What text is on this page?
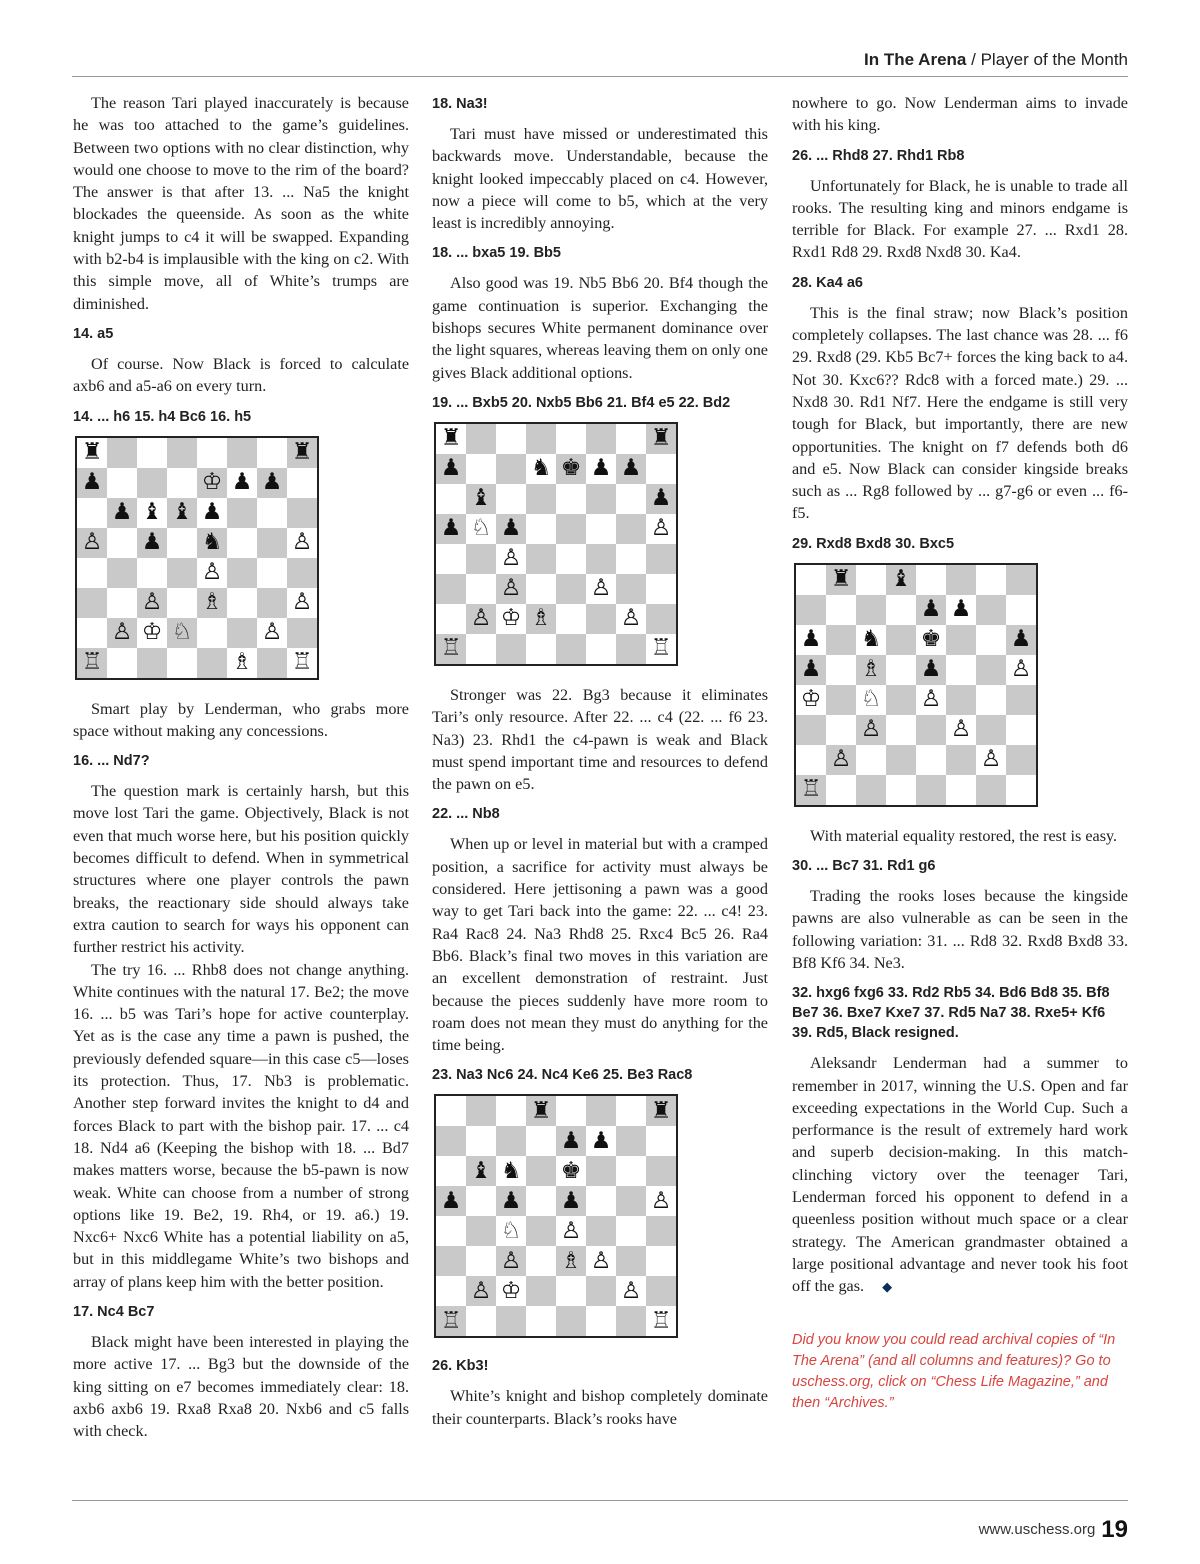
In The Arena / Player of the Month

The reason Tari played inaccurately is because he was too attached to the game’s guidelines. Between two options with no clear distinction, why would one choose to move to the rim of the board? The answer is that after 13. ... Na5 the knight blockades the queenside. As soon as the white knight jumps to c4 it will be swapped. Expanding with b2-b4 is implausible with the king on c2. With this simple move, all of White’s trumps are diminished.

14. a5

Of course. Now Black is forced to calculate axb6 and a5-a6 on every turn.

14. ... h6 15. h4 Bc6 16. h5
♜	♜
♟	♔ ♟ ♟
♟ ♝ ♝ ♟
♙ ♟ ♞	♙
♙
♙ ♗	♙
♙ ♔ ♘	♙
♖	♗ ♖

Smart play by Lenderman, who grabs more space without making any concessions.

16. ... Nd7?

The question mark is certainly harsh, but this move lost Tari the game. Objectively, Black is not even that much worse here, but his position quickly becomes difficult to defend. When in symmetrical structures where one player controls the pawn breaks, the reactionary side should always take extra caution to search for ways his opponent can further restrict his activity.

The try 16. ... Rhb8 does not change anything. White continues with the natural 17. Be2; the move 16. ... b5 was Tari’s hope for active counterplay. Yet as is the case any time a pawn is pushed, the previously defended square—in this case c5—loses its protection. Thus, 17. Nb3 is problematic. Another step forward invites the knight to d4 and forces Black to part with the bishop pair. 17. ... c4 18. Nd4 a6 (Keeping the bishop with 18. ... Bd7 makes matters worse, because the b5-pawn is now weak. White can choose from a number of strong options like 19. Be2, 19. Rh4, or 19. a6.) 19. Nxc6+ Nxc6 White has a potential liability on a5, but in this middlegame White’s two bishops and array of plans keep him with the better position.

17. Nc4 Bc7

Black might have been interested in playing the more active 17. ... Bg3 but the downside of the king sitting on e7 becomes immediately clear: 18. axb6 axb6 19. Rxa8 Rxa8 20. Nxb6 and c5 falls with check.

18. Na3!

Tari must have missed or underestimated this backwards move. Understandable, because the knight looked impeccably placed on c4. However, now a piece will come to b5, which at the very least is incredibly annoying.

18. ... bxa5 19. Bb5

Also good was 19. Nb5 Bb6 20. Bf4 though the game continuation is superior. Exchanging the bishops secures White permanent dominance over the light squares, whereas leaving them on only one gives Black additional options.

19. ... Bxb5 20. Nxb5 Bb6 21. Bf4 e5 22. Bd2
♜	♜
♟	♞ ♚ ♟ ♟
♝	♟
♟ ♘ ♟	♙
♙
♙	♙
♙ ♔ ♗	♙
♖	♖

Stronger was 22. Bg3 because it eliminates Tari’s only resource. After 22. ... c4 (22. ... f6 23. Na3) 23. Rhd1 the c4-pawn is weak and Black must spend important time and resources to defend the pawn on e5.

22. ... Nb8

When up or level in material but with a cramped position, a sacrifice for activity must always be considered. Here jettisoning a pawn was a good way to get Tari back into the game: 22. ... c4! 23. Ra4 Rac8 24. Na3 Rhd8 25. Rxc4 Bc5 26. Ra4 Bb6. Black’s final two moves in this variation are an excellent demonstration of restraint. Just because the pieces suddenly have more room to roam does not mean they must do anything for the time being.

23. Na3 Nc6 24. Nc4 Ke6 25. Be3 Rac8
♜	♜
♟ ♟
♝ ♞ ♚
♟ ♟ ♟	♙
♘ ♙
♙ ♗ ♙
♙ ♔	♙
♖	♖
26. Kb3!

White’s knight and bishop completely dominate their counterparts. Black’s rooks have

nowhere to go. Now Lenderman aims to invade with his king.

26. ... Rhd8 27. Rhd1 Rb8

Unfortunately for Black, he is unable to trade all rooks. The resulting king and minors endgame is terrible for Black. For example 27. ... Rxd1 28. Rxd1 Rd8 29. Rxd8 Nxd8 30. Ka4.

28. Ka4 a6

This is the final straw; now Black’s position completely collapses. The last chance was 28. ... f6 29. Rxd8 (29. Kb5 Bc7+ forces the king back to a4. Not 30. Kxc6?? Rdc8 with a forced mate.) 29. ... Nxd8 30. Rd1 Nf7. Here the endgame is still very tough for Black, but importantly, there are new opportunities. The knight on f7 defends both d6 and e5. Now Black can consider kingside breaks such as ... Rg8 followed by ... g7-g6 or even ... f6-f5.

29. Rxd8 Bxd8 30. Bxc5
♜ ♝
♟ ♟
♟ ♞ ♚	♟
♟ ♗ ♟	♙
♔ ♘ ♙
♙	♙
♙	♙
♖

With material equality restored, the rest is easy.

30. ... Bc7 31. Rd1 g6

Trading the rooks loses because the kingside pawns are also vulnerable as can be seen in the following variation: 31. ... Rd8 32. Rxd8 Bxd8 33. Bf8 Kf6 34. Ne3.

32. hxg6 fxg6 33. Rd2 Rb5 34. Bd6 Bd8 35. Bf8 Be7 36. Bxe7 Kxe7 37. Rd5 Na7 38. Rxe5+ Kf6 39. Rd5, Black resigned.

Aleksandr Lenderman had a summer to remember in 2017, winning the U.S. Open and far exceeding expectations in the World Cup. Such a performance is the result of extremely hard work and superb decision-making. In this match-clinching victory over the teenager Tari, Lenderman forced his opponent to defend in a queenless position without much space or a clear strategy. The American grandmaster obtained a large positional advantage and never took his foot off the gas. ◆

Did you know you could read archival copies of “In The Arena” (and all columns and features)? Go to uschess.org, click on “Chess Life Magazine,” and then “Archives.”
www.uschess.org 19
